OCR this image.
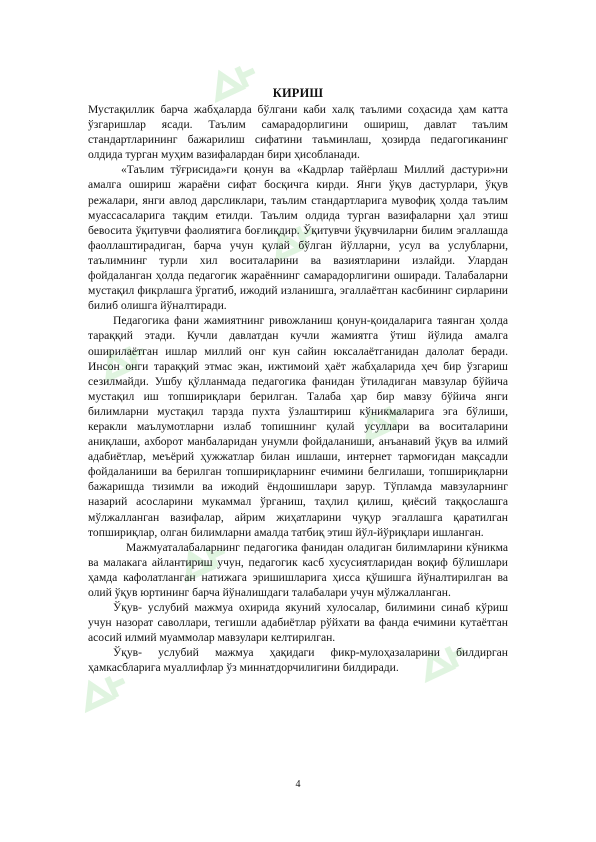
КИРИШ

Мустақиллик барча жабҳаларда бўлгани каби халқ таълими соҳасида ҳам катта ўзгаришлар ясади. Таълим самарадорлигини ошириш, давлат таълим стандартларининг бажарилиш сифатини таъминлаш, ҳозирда педагогиканинг олдида турган муҳим вазифалардан бири ҳисобланади.

«Таълим тўғрисида»ги қонун ва «Кадрлар тайёрлаш Миллий дастури»ни амалга ошириш жараёни сифат босқичга кирди. Янги ўқув дастурлари, ўқув режалари, янги авлод дарсликлари, таълим стандартларига мувофиқ ҳолда таълим муассасаларига тақдим етилди. Таълим олдида турган вазифаларни ҳал этиш бевосита ўқитувчи фаолиятига боғлиқдир. Ўқитувчи ўқувчиларни билим эгаллашда фаоллаштирадиган, барча учун қулай бўлган йўлларни, усул ва услубларни, таълимнинг турли хил воситаларини ва вазиятларини излайди. Улардан фойдаланган ҳолда педагогик жараённинг самарадорлигини оширади. Талабаларни мустақил фикрлашга ўргатиб, ижодий изланишга, эгаллаётган касбининг сирларини билиб олишга йўналтиради.

Педагогика фани жамиятнинг ривожланиш қонун-қоидаларига таянган ҳолда тараққий этади. Кучли давлатдан кучли жамиятга ўтиш йўлида амалга оширилаётган ишлар миллий онг кун сайин юксалаётганидан далолат беради. Инсон онги тараққий этмас экан, ижтимоий ҳаёт жабҳаларида ҳеч бир ўзгариш сезилмайди. Ушбу қўлланмада педагогика фанидан ўтиладиган мавзулар бўйича мустақил иш топшириқлари берилган. Талаба ҳар бир мавзу бўйича янги билимларни мустақил тарзда пухта ўзлаштириш кўникмаларига эга бўлиши, керакли маълумотларни излаб топишнинг қулай усуллари ва воситаларини аниқлаши, ахборот манбаларидан унумли фойдаланиши, анъанавий ўқув ва илмий адабиётлар, меъёрий ҳужжатлар билан ишлаши, интернет тармоғидан мақсадли фойдаланиши ва берилган топшириқларнинг ечимини белгилаши, топшириқларни бажаришда тизимли ва ижодий ёндошишлари зарур. Тўпламда мавзуларнинг назарий асосларини мукаммал ўрганиш, таҳлил қилиш, қиёсий таққослашга мўлжалланган вазифалар, айрим жиҳатларини чуқур эгаллашга қаратилган топшириқлар, олган билимларни амалда татбиқ этиш йўл-йўриқлари ишланган.

Мажмуаталабаларнинг педагогика фанидан оладиган билимларини кўникма ва малакага айлантириш учун, педагогик касб хусусиятларидан воқиф бўлишлари ҳамда кафолатланган натижага эришишларига ҳисса қўшишга йўналтирилган ва олий ўқув юртининг барча йўналишдаги талабалари учун мўлжалланган.

Ўқув- услубий мажмуа охирида якуний хулосалар, билимини синаб кўриш учун назорат саволлари, тегишли адабиётлар рўйхати ва фанда ечимини кутаётган асосий илмий муаммолар мавзулари келтирилган.

Ўқув- услубий мажмуа ҳақидаги фикр-мулоҳазаларини билдирган ҳамкасбларига муаллифлар ўз миннатдорчилигини билдиради.

4
